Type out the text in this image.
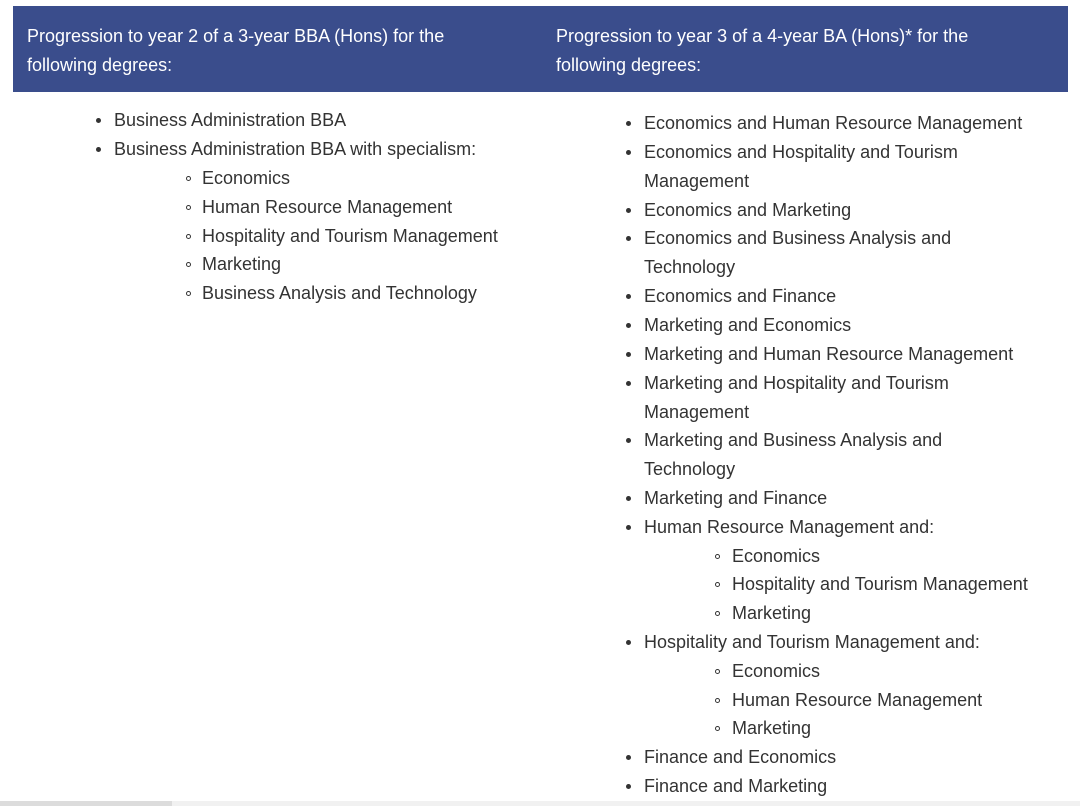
Progression to year 2 of a 3-year BBA (Hons) for the following degrees:
Progression to year 3 of a 4-year BA (Hons)* for the following degrees:
Business Administration BBA
Business Administration BBA with specialism:
Economics
Human Resource Management
Hospitality and Tourism Management
Marketing
Business Analysis and Technology
Economics and Human Resource Management
Economics and Hospitality and Tourism Management
Economics and Marketing
Economics and Business Analysis and Technology
Economics and Finance
Marketing and Economics
Marketing and Human Resource Management
Marketing and Hospitality and Tourism Management
Marketing and Business Analysis and Technology
Marketing and Finance
Human Resource Management and:
Economics
Hospitality and Tourism Management
Marketing
Hospitality and Tourism Management and:
Economics
Human Resource Management
Marketing
Finance and Economics
Finance and Marketing
